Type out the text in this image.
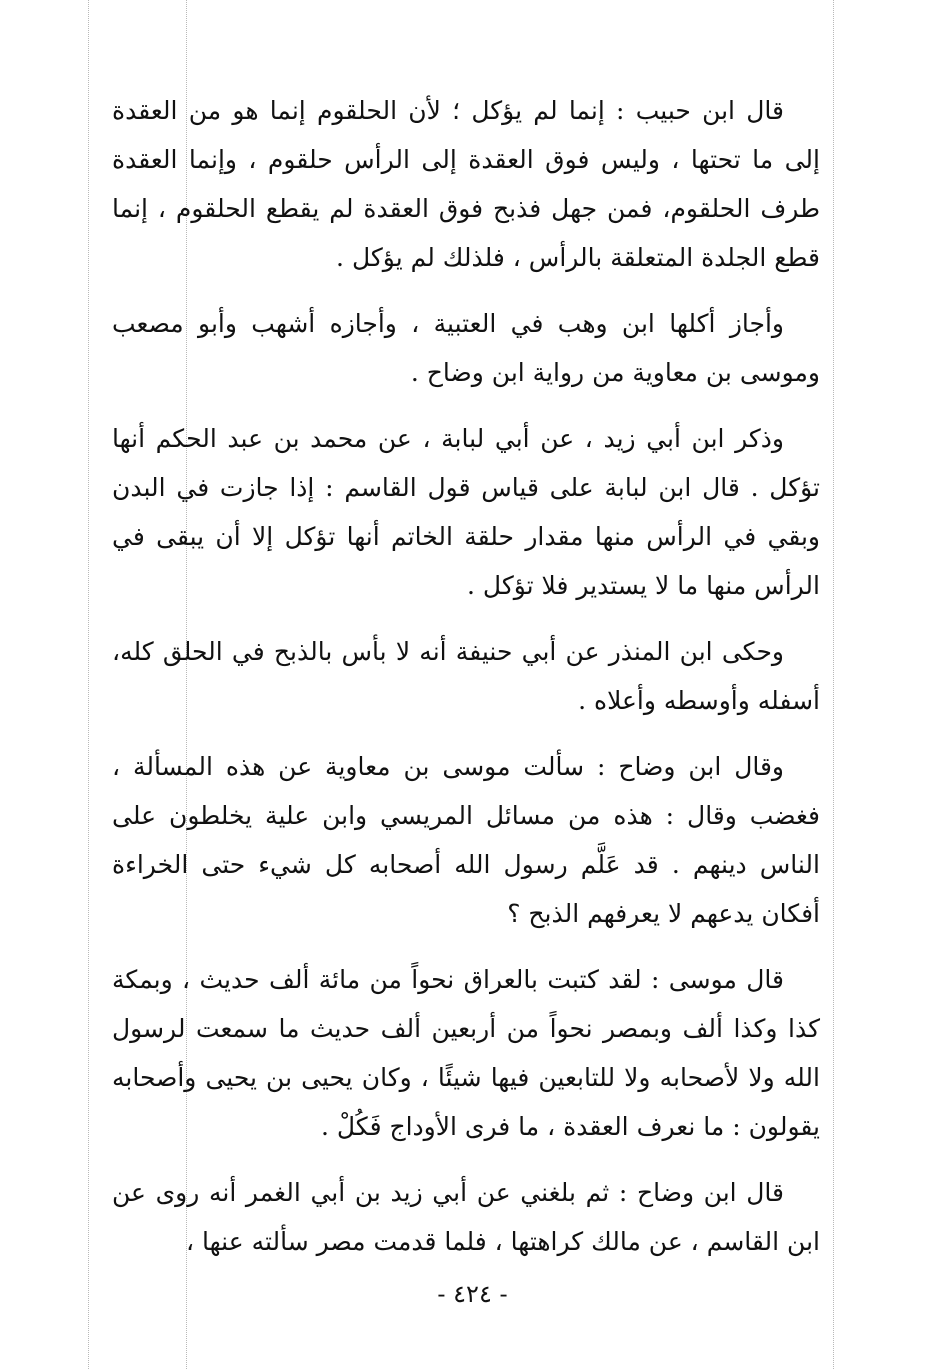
قال ابن حبيب : إنما لم يؤكل ؛ لأن الحلقوم إنما هو من العقدة إلى ما تحتها ، وليس فوق العقدة إلى الرأس حلقوم ، وإنما العقدة طرف الحلقوم، فمن جهل فذبح فوق العقدة لم يقطع الحلقوم ، إنما قطع الجلدة المتعلقة بالرأس ، فلذلك لم يؤكل .

وأجاز أكلها ابن وهب في العتبية ، وأجازه أشهب وأبو مصعب وموسى بن معاوية من رواية ابن وضاح .

وذكر ابن أبي زيد ، عن أبي لبابة ، عن محمد بن عبد الحكم أنها تؤكل . قال ابن لبابة على قياس قول القاسم : إذا جازت في البدن وبقي في الرأس منها مقدار حلقة الخاتم أنها تؤكل إلا أن يبقى في الرأس منها ما لا يستدير فلا تؤكل .

وحكى ابن المنذر عن أبي حنيفة أنه لا بأس بالذبح في الحلق كله، أسفله وأوسطه وأعلاه .

وقال ابن وضاح : سألت موسى بن معاوية عن هذه المسألة ، فغضب وقال : هذه من مسائل المريسي وابن علية يخلطون على الناس دينهم . قد عَلَّم رسول الله أصحابه كل شيء حتى الخراءة أفكان يدعهم لا يعرفهم الذبح ؟

قال موسى : لقد كتبت بالعراق نحواً من مائة ألف حديث ، وبمكة كذا وكذا ألف وبمصر نحواً من أربعين ألف حديث ما سمعت لرسول الله ولا لأصحابه ولا للتابعين فيها شيئًا ، وكان يحيى بن يحيى وأصحابه يقولون : ما نعرف العقدة ، ما فرى الأوداج فَكُلْ .

قال ابن وضاح : ثم بلغني عن أبي زيد بن أبي الغمر أنه روى عن ابن القاسم ، عن مالك كراهتها ، فلما قدمت مصر سألته عنها ،

- ٤٢٤ -
